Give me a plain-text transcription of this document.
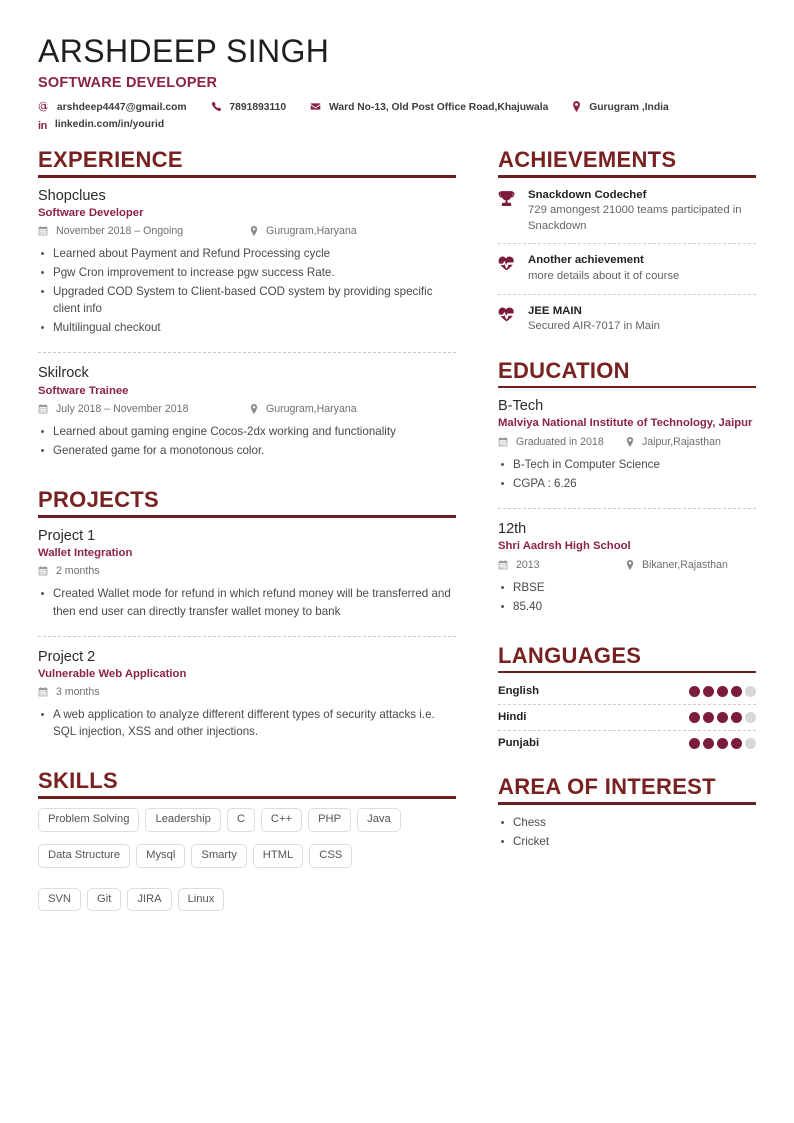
ARSHDEEP SINGH
SOFTWARE DEVELOPER
arshdeep4447@gmail.com	7891893110	Ward No-13, Old Post Office Road,Khajuwala	Gurugram ,India
in linkedin.com/in/yourid
EXPERIENCE
Shopclues
Software Developer
November 2018 – Ongoing	Gurugram,Haryana
Learned about Payment and Refund Processing cycle
Pgw Cron improvement to increase pgw success Rate.
Upgraded COD System to Client-based COD system by providing specific client info
Multilingual checkout
Skilrock
Software Trainee
July 2018 – November 2018	Gurugram,Haryana
Learned about gaming engine Cocos-2dx working and functionality
Generated game for a monotonous color.
PROJECTS
Project 1
Wallet Integration
2 months
Created Wallet mode for refund in which refund money will be transferred and then end user can directly transfer wallet money to bank
Project 2
Vulnerable Web Application
3 months
A web application to analyze different different types of security attacks i.e. SQL injection, XSS and other injections.
SKILLS
Problem Solving Leadership C C++ PHP Java
Data Structure Mysql Smarty HTML CSS
SVN Git JIRA Linux
ACHIEVEMENTS
Snackdown Codechef
729 amongest 21000 teams participated in Snackdown
Another achievement
more details about it of course
JEE MAIN
Secured AIR-7017 in Main
EDUCATION
B-Tech
Malviya National Institute of Technology, Jaipur
Graduated in 2018	Jaipur,Rajasthan
B-Tech in Computer Science
CGPA : 6.26
12th
Shri Aadrsh High School
2013	Bikaner,Rajasthan
RBSE
85.40
LANGUAGES
English
Hindi
Punjabi
AREA OF INTEREST
Chess
Cricket
